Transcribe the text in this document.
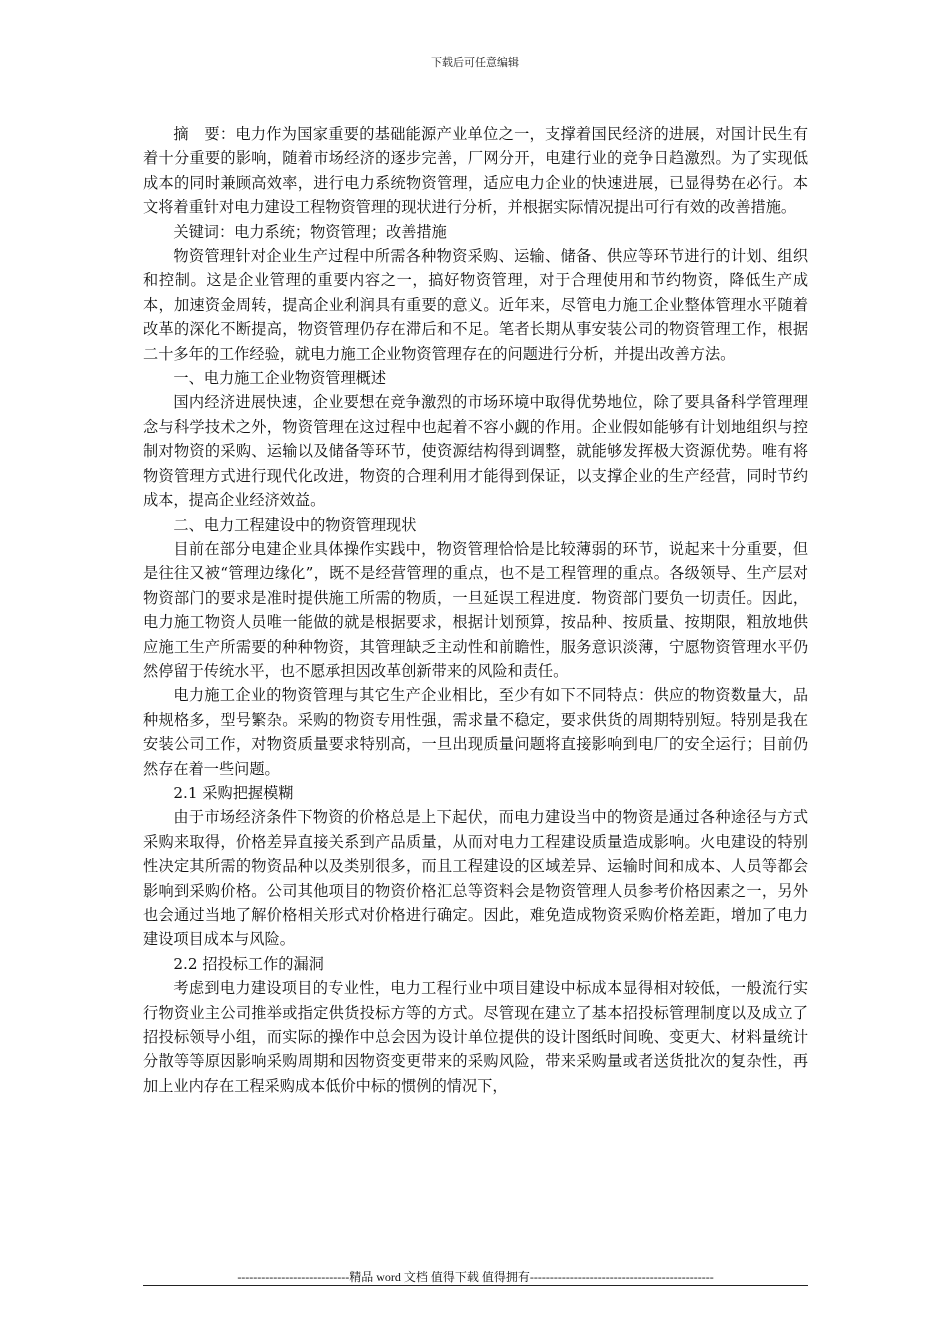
下载后可任意编辑

摘　要：电力作为国家重要的基础能源产业单位之一，支撑着国民经济的进展，对国计民生有着十分重要的影响，随着市场经济的逐步完善，厂网分开，电建行业的竞争日趋激烈。为了实现低成本的同时兼顾高效率，进行电力系统物资管理，适应电力企业的快速进展，已显得势在必行。本文将着重针对电力建设工程物资管理的现状进行分析，并根据实际情况提出可行有效的改善措施。

关键词：电力系统；物资管理；改善措施

物资管理针对企业生产过程中所需各种物资采购、运输、储备、供应等环节进行的计划、组织和控制。这是企业管理的重要内容之一，搞好物资管理，对于合理使用和节约物资，降低生产成本，加速资金周转，提高企业利润具有重要的意义。近年来，尽管电力施工企业整体管理水平随着改革的深化不断提高，物资管理仍存在滞后和不足。笔者长期从事安装公司的物资管理工作，根据二十多年的工作经验，就电力施工企业物资管理存在的问题进行分析，并提出改善方法。

一、电力施工企业物资管理概述

国内经济进展快速，企业要想在竞争激烈的市场环境中取得优势地位，除了要具备科学管理理念与科学技术之外，物资管理在这过程中也起着不容小觑的作用。企业假如能够有计划地组织与控制对物资的采购、运输以及储备等环节，使资源结构得到调整，就能够发挥极大资源优势。唯有将物资管理方式进行现代化改进，物资的合理利用才能得到保证，以支撑企业的生产经营，同时节约成本，提高企业经济效益。

二、电力工程建设中的物资管理现状

目前在部分电建企业具体操作实践中，物资管理恰恰是比较薄弱的环节，说起来十分重要，但是往往又被“管理边缘化”，既不是经营管理的重点，也不是工程管理的重点。各级领导、生产层对物资部门的要求是准时提供施工所需的物质，一旦延误工程进度．物资部门要负一切责任。因此，电力施工物资人员唯一能做的就是根据要求，根据计划预算，按品种、按质量、按期限，粗放地供应施工生产所需要的种种物资，其管理缺乏主动性和前瞻性，服务意识淡薄，宁愿物资管理水平仍然停留于传统水平，也不愿承担因改革创新带来的风险和责任。

电力施工企业的物资管理与其它生产企业相比，至少有如下不同特点：供应的物资数量大，品种规格多，型号繁杂。采购的物资专用性强，需求量不稳定，要求供货的周期特别短。特别是我在安装公司工作，对物资质量要求特别高，一旦出现质量问题将直接影响到电厂的安全运行；目前仍然存在着一些问题。

2.1 采购把握模糊

由于市场经济条件下物资的价格总是上下起伏，而电力建设当中的物资是通过各种途径与方式采购来取得，价格差异直接关系到产品质量，从而对电力工程建设质量造成影响。火电建设的特别性决定其所需的物资品种以及类别很多，而且工程建设的区域差异、运输时间和成本、人员等都会影响到采购价格。公司其他项目的物资价格汇总等资料会是物资管理人员参考价格因素之一，另外也会通过当地了解价格相关形式对价格进行确定。因此，难免造成物资采购价格差距，增加了电力建设项目成本与风险。

2.2 招投标工作的漏洞

考虑到电力建设项目的专业性，电力工程行业中项目建设中标成本显得相对较低，一般流行实行物资业主公司推举或指定供货投标方等的方式。尽管现在建立了基本招投标管理制度以及成立了招投标领导小组，而实际的操作中总会因为设计单位提供的设计图纸时间晚、变更大、材料量统计分散等等原因影响采购周期和因物资变更带来的采购风险，带来采购量或者送货批次的复杂性，再加上业内存在工程采购成本低价中标的惯例的情况下，

----------------------------精品 word 文档 值得下载 值得拥有----------------------------------------------
